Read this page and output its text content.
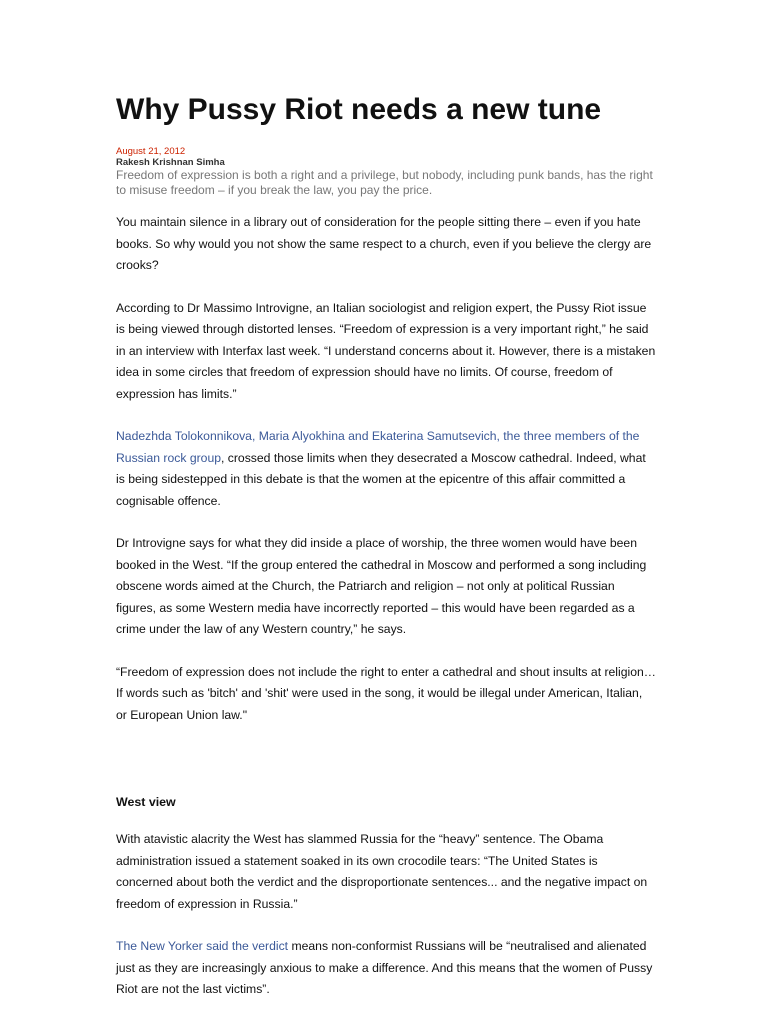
Why Pussy Riot needs a new tune
August 21, 2012
Rakesh Krishnan Simha
Freedom of expression is both a right and a privilege, but nobody, including punk bands, has the right to misuse freedom – if you break the law, you pay the price.

You maintain silence in a library out of consideration for the people sitting there – even if you hate books. So why would you not show the same respect to a church, even if you believe the clergy are crooks?

According to Dr Massimo Introvigne, an Italian sociologist and religion expert, the Pussy Riot issue is being viewed through distorted lenses. “Freedom of expression is a very important right,” he said in an interview with Interfax last week. “I understand concerns about it. However, there is a mistaken idea in some circles that freedom of expression should have no limits. Of course, freedom of expression has limits.”

Nadezhda Tolokonnikova, Maria Alyokhina and Ekaterina Samutsevich, the three members of the Russian rock group, crossed those limits when they desecrated a Moscow cathedral. Indeed, what is being sidestepped in this debate is that the women at the epicentre of this affair committed a cognisable offence.

Dr Introvigne says for what they did inside a place of worship, the three women would have been booked in the West. “If the group entered the cathedral in Moscow and performed a song including obscene words aimed at the Church, the Patriarch and religion – not only at political Russian figures, as some Western media have incorrectly reported – this would have been regarded as a crime under the law of any Western country,” he says.

“Freedom of expression does not include the right to enter a cathedral and shout insults at religion…If words such as 'bitch' and 'shit' were used in the song, it would be illegal under American, Italian, or European Union law."

West view

With atavistic alacrity the West has slammed Russia for the “heavy” sentence. The Obama administration issued a statement soaked in its own crocodile tears: “The United States is concerned about both the verdict and the disproportionate sentences... and the negative impact on freedom of expression in Russia.”

The New Yorker said the verdict means non-conformist Russians will be “neutralised and alienated just as they are increasingly anxious to make a difference. And this means that the women of Pussy Riot are not the last victims”.
